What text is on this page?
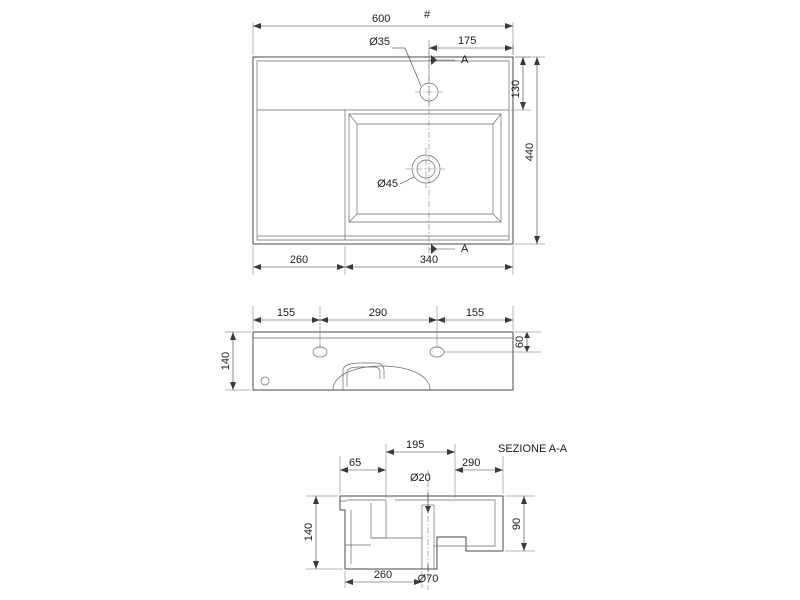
A
A
#
600
175
Ø35
130
440
Ø45
260	340
155	290	155
140
60
SEZIONE A-A
65
195
290
Ø20
140	90
260 Ø70
